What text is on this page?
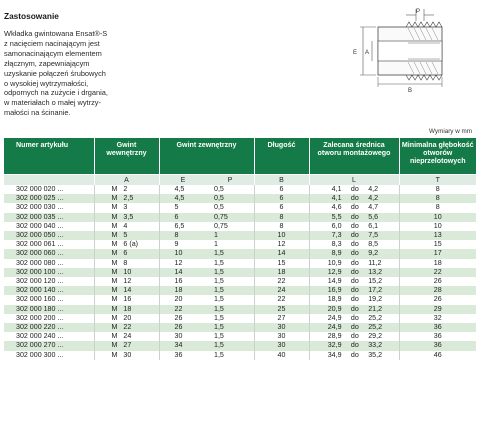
Zastosowanie
Wkładka gwintowana Ensat®-S
z nacięciem nacinającym jest
samonacinającym elementem
złącznym, zapewniającym
uzyskanie połączeń śrubowych
o wysokiej wytrzymałości,
odpornych na zużycie i drgania,
w materiałach o małej wytrzy-
małości na ścinanie.
P
E A
B
Wymiary w mm
Numer artykułu	Gwint wewnętrzny	Gwint zewnętrzny	Długość	Zalecana średnica otworu montażowego	Minimalna głębokość otworów nieprzelotowych
	A	E P	B	L	T
302 000 020 ...	M 2	4,5 0,5	6	4,1 do 4,2	8
302 000 025 ...	M 2,5	4,5 0,5	6	4,1 do 4,2	8
302 000 030 ...	M 3	5 0,5	6	4,6 do 4,7	8
302 000 035 ...	M 3,5	6 0,75	8	5,5 do 5,6	10
302 000 040 ...	M 4	6,5 0,75	8	6,0 do 6,1	10
302 000 050 ...	M 5	8 1	10	7,3 do 7,5	13
302 000 061 ...	M 6 (a)	9 1	12	8,3 do 8,5	15
302 000 060 ...	M 6	10 1,5	14	8,9 do 9,2	17
302 000 080 ...	M 8	12 1,5	15	10,9 do 11,2	18
302 000 100 ...	M 10	14 1,5	18	12,9 do 13,2	22
302 000 120 ...	M 12	16 1,5	22	14,9 do 15,2	26
302 000 140 ...	M 14	18 1,5	24	16,9 do 17,2	28
302 000 160 ...	M 16	20 1,5	22	18,9 do 19,2	26
302 000 180 ...	M 18	22 1,5	25	20,9 do 21,2	29
302 000 200 ...	M 20	26 1,5	27	24,9 do 25,2	32
302 000 220 ...	M 22	26 1,5	30	24,9 do 25,2	36
302 000 240 ...	M 24	30 1,5	30	28,9 do 29,2	36
302 000 270 ...	M 27	34 1,5	30	32,9 do 33,2	36
302 000 300 ...	M 30	36 1,5	40	34,9 do 35,2	46
